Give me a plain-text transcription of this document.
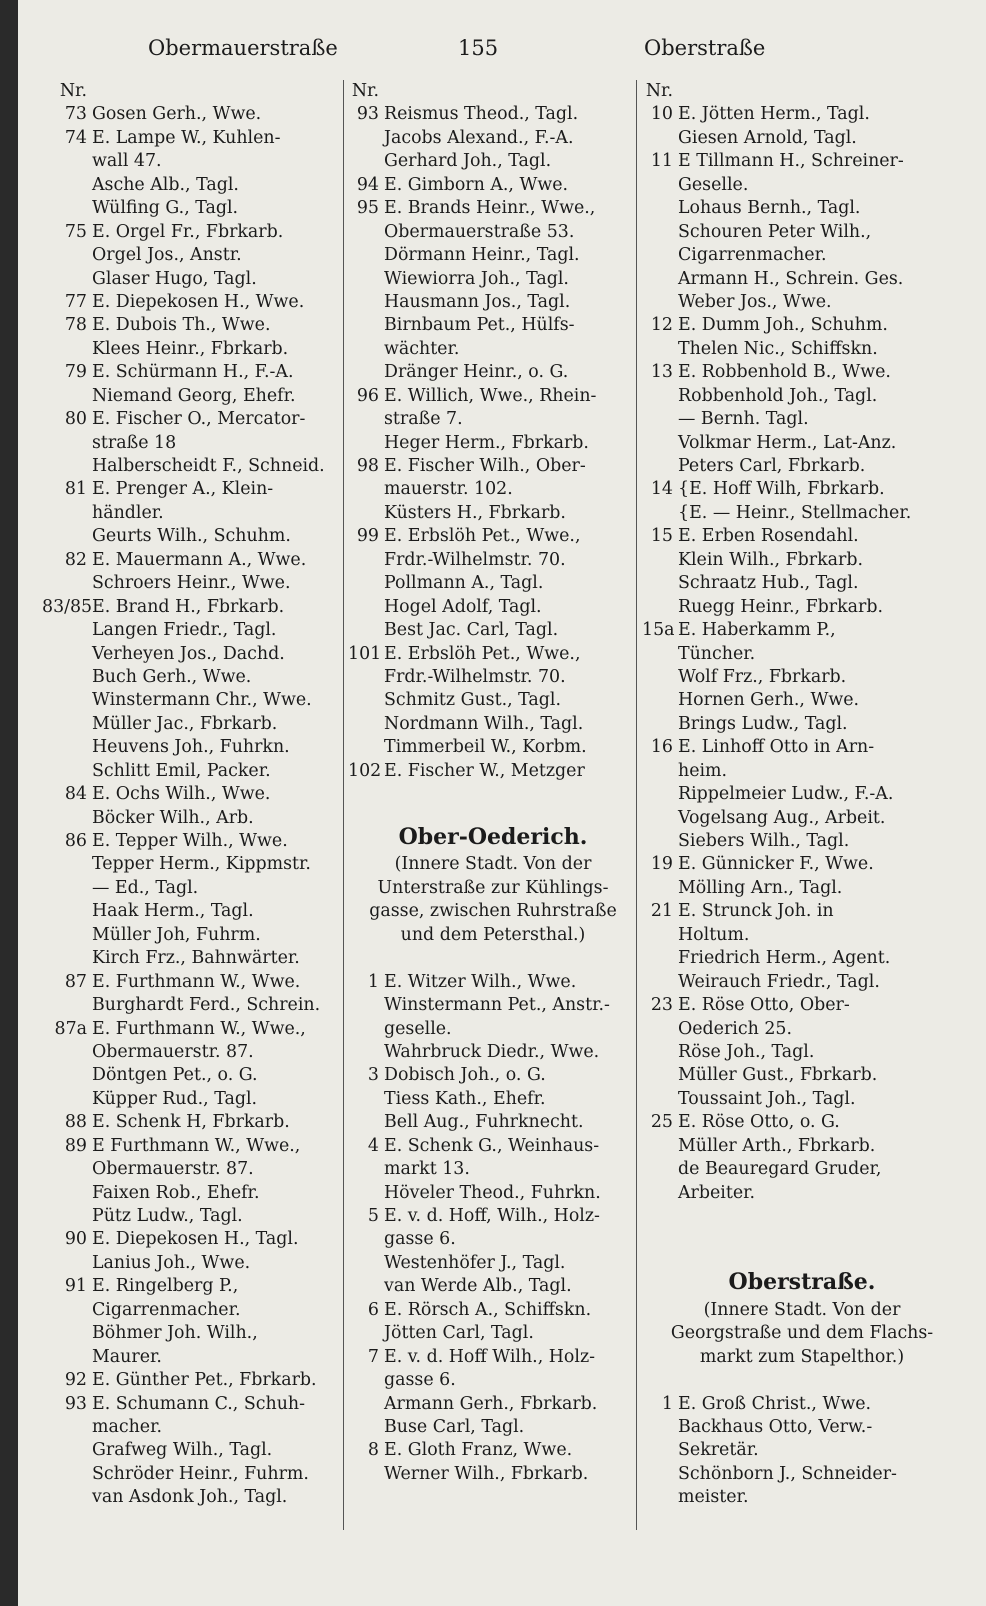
Obermauerstraße	155	Oberstraße
Nr.
73 Gosen Gerh., Wwe.
74 E. Lampe W., Kuhlen-
wall 47.
Asche Alb., Tagl.
Wülfing G., Tagl.
75 E. Orgel Fr., Fbrkarb.
Orgel Jos., Anstr.
Glaser Hugo, Tagl.
77 E. Diepekosen H., Wwe.
78 E. Dubois Th., Wwe.
Klees Heinr., Fbrkarb.
79 E. Schürmann H., F.-A.
Niemand Georg, Ehefr.
80 E. Fischer O., Mercator-
straße 18
Halberscheidt F., Schneid.
81 E. Prenger A., Klein-
händler.
Geurts Wilh., Schuhm.
82 E. Mauermann A., Wwe.
Schroers Heinr., Wwe.
83/85E. Brand H., Fbrkarb.
Langen Friedr., Tagl.
Verheyen Jos., Dachd.
Buch Gerh., Wwe.
Winstermann Chr., Wwe.
Müller Jac., Fbrkarb.
Heuvens Joh., Fuhrkn.
Schlitt Emil, Packer.
84 E. Ochs Wilh., Wwe.
Böcker Wilh., Arb.
86 E. Tepper Wilh., Wwe.
Tepper Herm., Kippmstr.
— Ed., Tagl.
Haak Herm., Tagl.
Müller Joh, Fuhrm.
Kirch Frz., Bahnwärter.
87 E. Furthmann W., Wwe.
Burghardt Ferd., Schrein.
87a E. Furthmann W., Wwe.,
Obermauerstr. 87.
Döntgen Pet., o. G.
Küpper Rud., Tagl.
88 E. Schenk H, Fbrkarb.
89 E Furthmann W., Wwe.,
Obermauerstr. 87.
Faixen Rob., Ehefr.
Pütz Ludw., Tagl.
90 E. Diepekosen H., Tagl.
Lanius Joh., Wwe.
91 E. Ringelberg P.,
Cigarrenmacher.
Böhmer Joh. Wilh.,
Maurer.
92 E. Günther Pet., Fbrkarb.
93 E. Schumann C., Schuh-
macher.
Grafweg Wilh., Tagl.
Schröder Heinr., Fuhrm.
van Asdonk Joh., Tagl.
Nr.
93 Reismus Theod., Tagl.
Jacobs Alexand., F.-A.
Gerhard Joh., Tagl.
94 E. Gimborn A., Wwe.
95 E. Brands Heinr., Wwe.,
Obermauerstraße 53.
Dörmann Heinr., Tagl.
Wiewiorra Joh., Tagl.
Hausmann Jos., Tagl.
Birnbaum Pet., Hülfs-
wächter.
Dränger Heinr., o. G.
96 E. Willich, Wwe., Rhein-
straße 7.
Heger Herm., Fbrkarb.
98 E. Fischer Wilh., Ober-
mauerstr. 102.
Küsters H., Fbrkarb.
99 E. Erbslöh Pet., Wwe.,
Frdr.-Wilhelmstr. 70.
Pollmann A., Tagl.
Hogel Adolf, Tagl.
Best Jac. Carl, Tagl.
101 E. Erbslöh Pet., Wwe.,
Frdr.-Wilhelmstr. 70.
Schmitz Gust., Tagl.
Nordmann Wilh., Tagl.
Timmerbeil W., Korbm.
102 E. Fischer W., Metzger
Ober-Oederich.
(Innere Stadt. Von der
Unterstraße zur Kühlings-
gasse, zwischen Ruhrstraße
und dem Petersthal.)
1 E. Witzer Wilh., Wwe.
Winstermann Pet., Anstr.-
geselle.
Wahrbruck Diedr., Wwe.
3 Dobisch Joh., o. G.
Tiess Kath., Ehefr.
Bell Aug., Fuhrknecht.
4 E. Schenk G., Weinhaus-
markt 13.
Höveler Theod., Fuhrkn.
5 E. v. d. Hoff, Wilh., Holz-
gasse 6.
Westenhöfer J., Tagl.
van Werde Alb., Tagl.
6 E. Rörsch A., Schiffskn.
Jötten Carl, Tagl.
7 E. v. d. Hoff Wilh., Holz-
gasse 6.
Armann Gerh., Fbrkarb.
Buse Carl, Tagl.
8 E. Gloth Franz, Wwe.
Werner Wilh., Fbrkarb.
Nr.
10 E. Jötten Herm., Tagl.
Giesen Arnold, Tagl.
11 E Tillmann H., Schreiner-
Geselle.
Lohaus Bernh., Tagl.
Schouren Peter Wilh.,
Cigarrenmacher.
Armann H., Schrein. Ges.
Weber Jos., Wwe.
12 E. Dumm Joh., Schuhm.
Thelen Nic., Schiffskn.
13 E. Robbenhold B., Wwe.
Robbenhold Joh., Tagl.
— Bernh. Tagl.
Volkmar Herm., Lat-Anz.
Peters Carl, Fbrkarb.
14 {E. Hoff Wilh, Fbrkarb.
{E. — Heinr., Stellmacher.
15 E. Erben Rosendahl.
Klein Wilh., Fbrkarb.
Schraatz Hub., Tagl.
Ruegg Heinr., Fbrkarb.
15a E. Haberkamm P.,
Tüncher.
Wolf Frz., Fbrkarb.
Hornen Gerh., Wwe.
Brings Ludw., Tagl.
16 E. Linhoff Otto in Arn-
heim.
Rippelmeier Ludw., F.-A.
Vogelsang Aug., Arbeit.
Siebers Wilh., Tagl.
19 E. Günnicker F., Wwe.
Mölling Arn., Tagl.
21 E. Strunck Joh. in
Holtum.
Friedrich Herm., Agent.
Weirauch Friedr., Tagl.
23 E. Röse Otto, Ober-
Oederich 25.
Röse Joh., Tagl.
Müller Gust., Fbrkarb.
Toussaint Joh., Tagl.
25 E. Röse Otto, o. G.
Müller Arth., Fbrkarb.
de Beauregard Gruder,
Arbeiter.
Oberstraße.
(Innere Stadt. Von der
Georgstraße und dem Flachs-
markt zum Stapelthor.)
1 E. Groß Christ., Wwe.
Backhaus Otto, Verw.-
Sekretär.
Schönborn J., Schneider-
meister.
